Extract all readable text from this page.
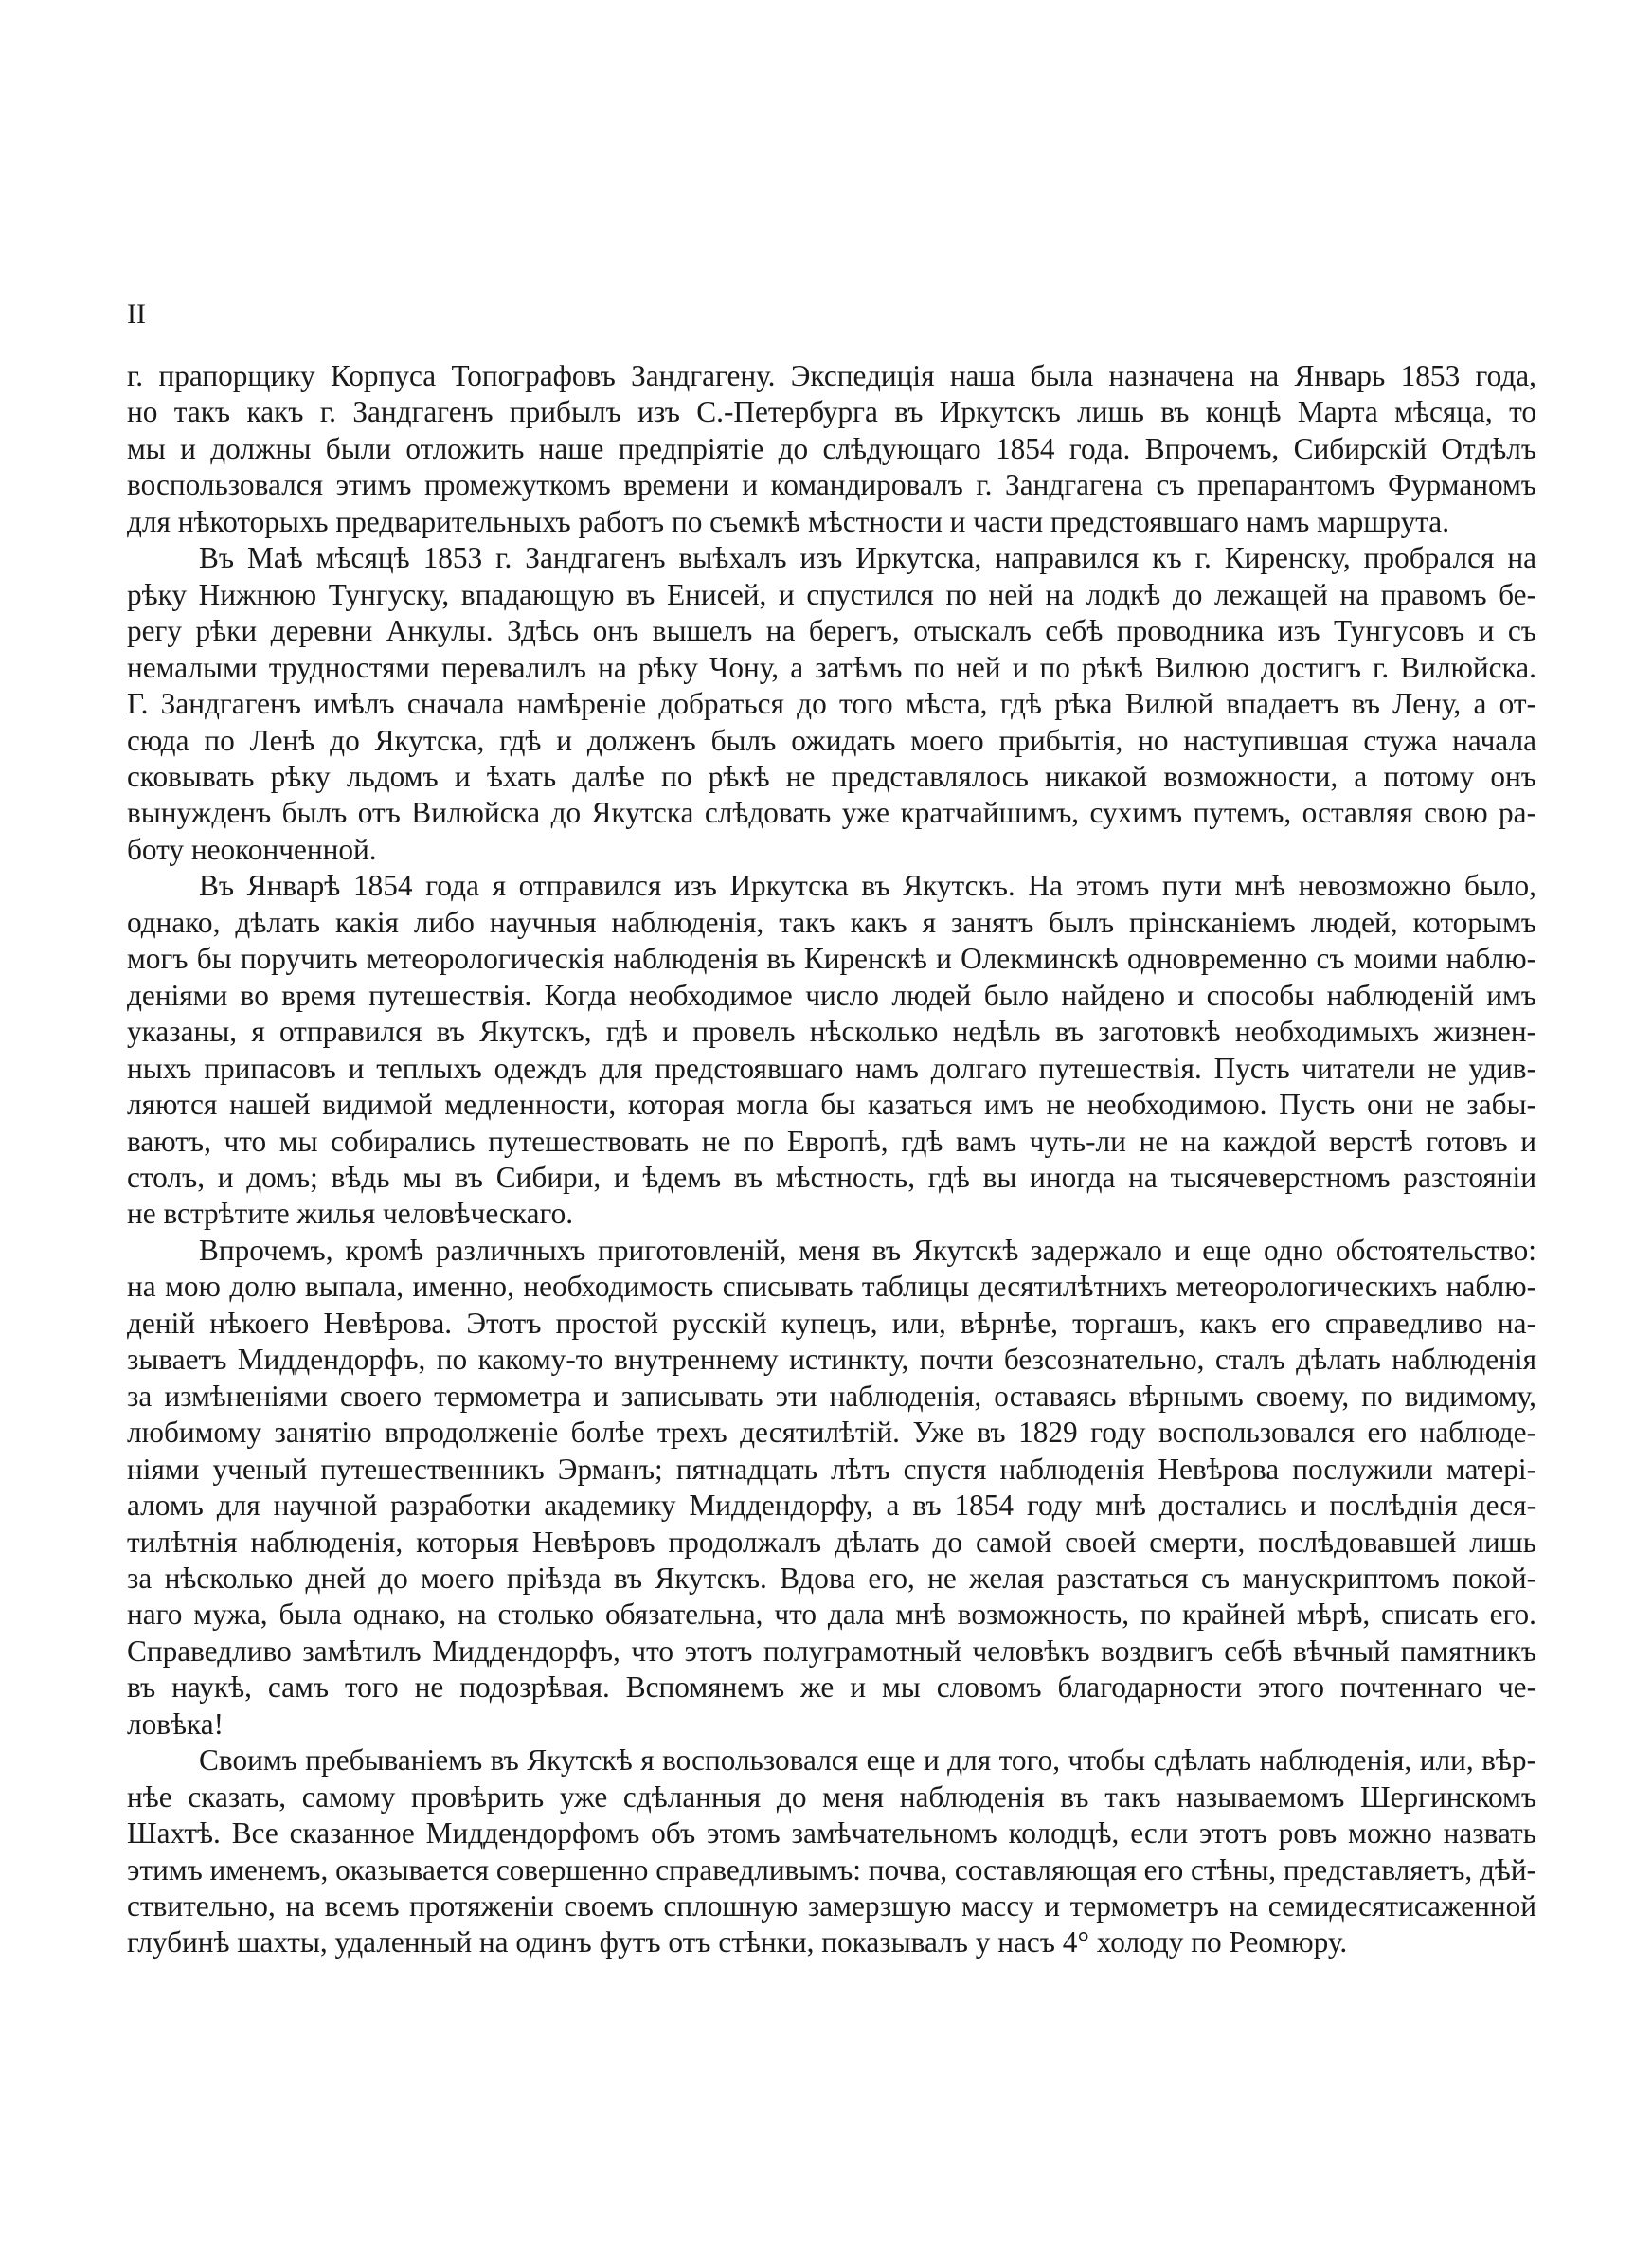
II

г. прапорщику Корпуса Топографовъ Зандгагену. Экспедиція наша была назначена на Январь 1853 года,
но такъ какъ г. Зандгагенъ прибылъ изъ С.-Петербурга въ Иркутскъ лишь въ концѣ Марта мѣсяца, то
мы и должны были отложить наше предпріятіе до слѣдующаго 1854 года. Впрочемъ, Сибирскій Отдѣлъ
воспользовался этимъ промежуткомъ времени и командировалъ г. Зандгагена съ препарантомъ Фурманомъ
для нѣкоторыхъ предварительныхъ работъ по съемкѣ мѣстности и части предстоявшаго намъ маршрута.

Въ Маѣ мѣсяцѣ 1853 г. Зандгагенъ выѣхалъ изъ Иркутска, направился къ г. Киренску, пробрался на
рѣку Нижнюю Тунгуску, впадающую въ Енисей, и спустился по ней на лодкѣ до лежащей на правомъ бе-
регу рѣки деревни Анкулы. Здѣсь онъ вышелъ на берегъ, отыскалъ себѣ проводника изъ Тунгусовъ и съ
немалыми трудностями перевалилъ на рѣку Чону, а затѣмъ по ней и по рѣкѣ Вилюю достигъ г. Вилюйска.
Г. Зандгагенъ имѣлъ сначала намѣреніе добраться до того мѣста, гдѣ рѣка Вилюй впадаетъ въ Лену, а от-
сюда по Ленѣ до Якутска, гдѣ и долженъ былъ ожидать моего прибытія, но наступившая стужа начала
сковывать рѣку льдомъ и ѣхать далѣе по рѣкѣ не представлялось никакой возможности, а потому онъ
вынужденъ былъ отъ Вилюйска до Якутска слѣдовать уже кратчайшимъ, сухимъ путемъ, оставляя свою ра-
боту неоконченной.

Въ Январѣ 1854 года я отправился изъ Иркутска въ Якутскъ. На этомъ пути мнѣ невозможно было,
однако, дѣлать какія либо научныя наблюденія, такъ какъ я занятъ былъ прінсканіемъ людей, которымъ
могъ бы поручить метеорологическія наблюденія въ Киренскѣ и Олекминскѣ одновременно съ моими наблю-
деніями во время путешествія. Когда необходимое число людей было найдено и способы наблюденій имъ
указаны, я отправился въ Якутскъ, гдѣ и провелъ нѣсколько недѣль въ заготовкѣ необходимыхъ жизнен-
ныхъ припасовъ и теплыхъ одеждъ для предстоявшаго намъ долгаго путешествія. Пусть читатели не удив-
ляются нашей видимой медленности, которая могла бы казаться имъ не необходимою. Пусть они не забы-
ваютъ, что мы собирались путешествовать не по Европѣ, гдѣ вамъ чуть-ли не на каждой верстѣ готовъ и
столъ, и домъ; вѣдь мы въ Сибири, и ѣдемъ въ мѣстность, гдѣ вы иногда на тысячеверстномъ разстояніи
не встрѣтите жилья человѣческаго.

Впрочемъ, кромѣ различныхъ приготовленій, меня въ Якутскѣ задержало и еще одно обстоятельство:
на мою долю выпала, именно, необходимость списывать таблицы десятилѣтнихъ метеорологическихъ наблю-
деній нѣкоего Невѣрова. Этотъ простой русскій купецъ, или, вѣрнѣе, торгашъ, какъ его справедливо на-
зываетъ Миддендорфъ, по какому-то внутреннему истинкту, почти безсознательно, сталъ дѣлать наблюденія
за измѣненіями своего термометра и записывать эти наблюденія, оставаясь вѣрнымъ своему, по видимому,
любимому занятію впродолженіе болѣе трехъ десятилѣтій. Уже въ 1829 году воспользовался его наблюде-
ніями ученый путешественникъ Эрманъ; пятнадцать лѣтъ спустя наблюденія Невѣрова послужили матері-
аломъ для научной разработки академику Миддендорфу, а въ 1854 году мнѣ достались и послѣднія деся-
тилѣтнія наблюденія, которыя Невѣровъ продолжалъ дѣлать до самой своей смерти, послѣдовавшей лишь
за нѣсколько дней до моего пріѣзда въ Якутскъ. Вдова его, не желая разстаться съ манускриптомъ покой-
наго мужа, была однако, на столько обязательна, что дала мнѣ возможность, по крайней мѣрѣ, списать его.
Справедливо замѣтилъ Миддендорфъ, что этотъ полуграмотный человѣкъ воздвигъ себѣ вѣчный памятникъ
въ наукѣ, самъ того не подозрѣвая. Вспомянемъ же и мы словомъ благодарности этого почтеннаго че-
ловѣка!

Своимъ пребываніемъ въ Якутскѣ я воспользовался еще и для того, чтобы сдѣлать наблюденія, или, вѣр-
нѣе сказать, самому провѣрить уже сдѣланныя до меня наблюденія въ такъ называемомъ Шергинскомъ
Шахтѣ. Все сказанное Миддендорфомъ объ этомъ замѣчательномъ колодцѣ, если этотъ ровъ можно назвать
этимъ именемъ, оказывается совершенно справедливымъ: почва, составляющая его стѣны, представляетъ, дѣй-
ствительно, на всемъ протяженіи своемъ сплошную замерзшую массу и термометръ на семидесятисаженной
глубинѣ шахты, удаленный на одинъ футъ отъ стѣнки, показывалъ у насъ 4° холоду по Реомюру.
